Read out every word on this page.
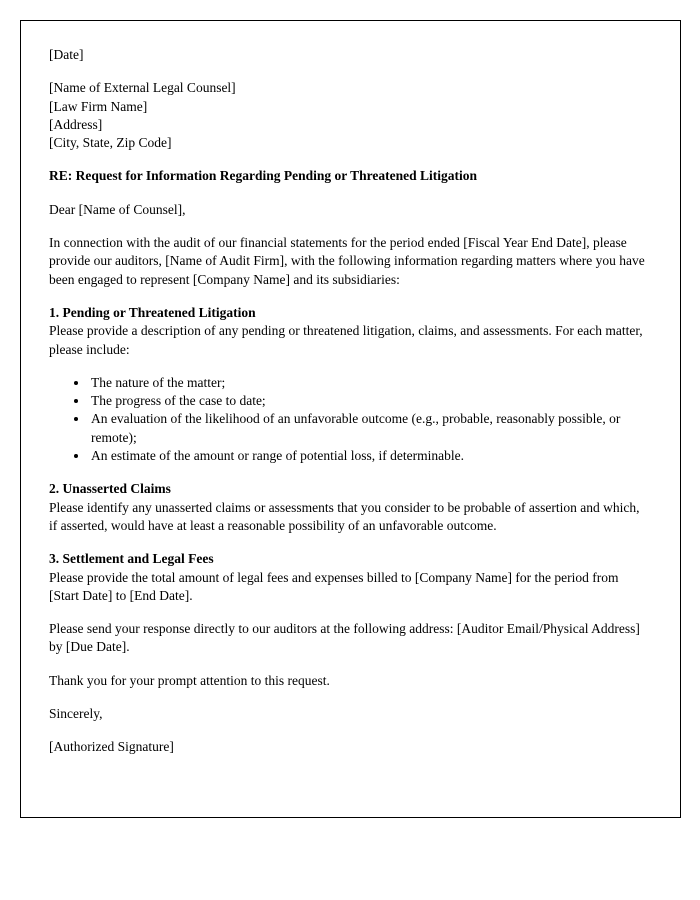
[Date]

[Name of External Legal Counsel]
[Law Firm Name]
[Address]
[City, State, Zip Code]

RE: Request for Information Regarding Pending or Threatened Litigation

Dear [Name of Counsel],

In connection with the audit of our financial statements for the period ended [Fiscal Year End Date], please provide our auditors, [Name of Audit Firm], with the following information regarding matters where you have been engaged to represent [Company Name] and its subsidiaries:

1. Pending or Threatened Litigation

Please provide a description of any pending or threatened litigation, claims, and assessments. For each matter, please include:

• The nature of the matter;
• The progress of the case to date;
• An evaluation of the likelihood of an unfavorable outcome (e.g., probable, reasonably possible, or remote);
• An estimate of the amount or range of potential loss, if determinable.

2. Unasserted Claims

Please identify any unasserted claims or assessments that you consider to be probable of assertion and which, if asserted, would have at least a reasonable possibility of an unfavorable outcome.

3. Settlement and Legal Fees

Please provide the total amount of legal fees and expenses billed to [Company Name] for the period from [Start Date] to [End Date].

Please send your response directly to our auditors at the following address: [Auditor Email/Physical Address] by [Due Date].

Thank you for your prompt attention to this request.

Sincerely,

[Authorized Signature]
